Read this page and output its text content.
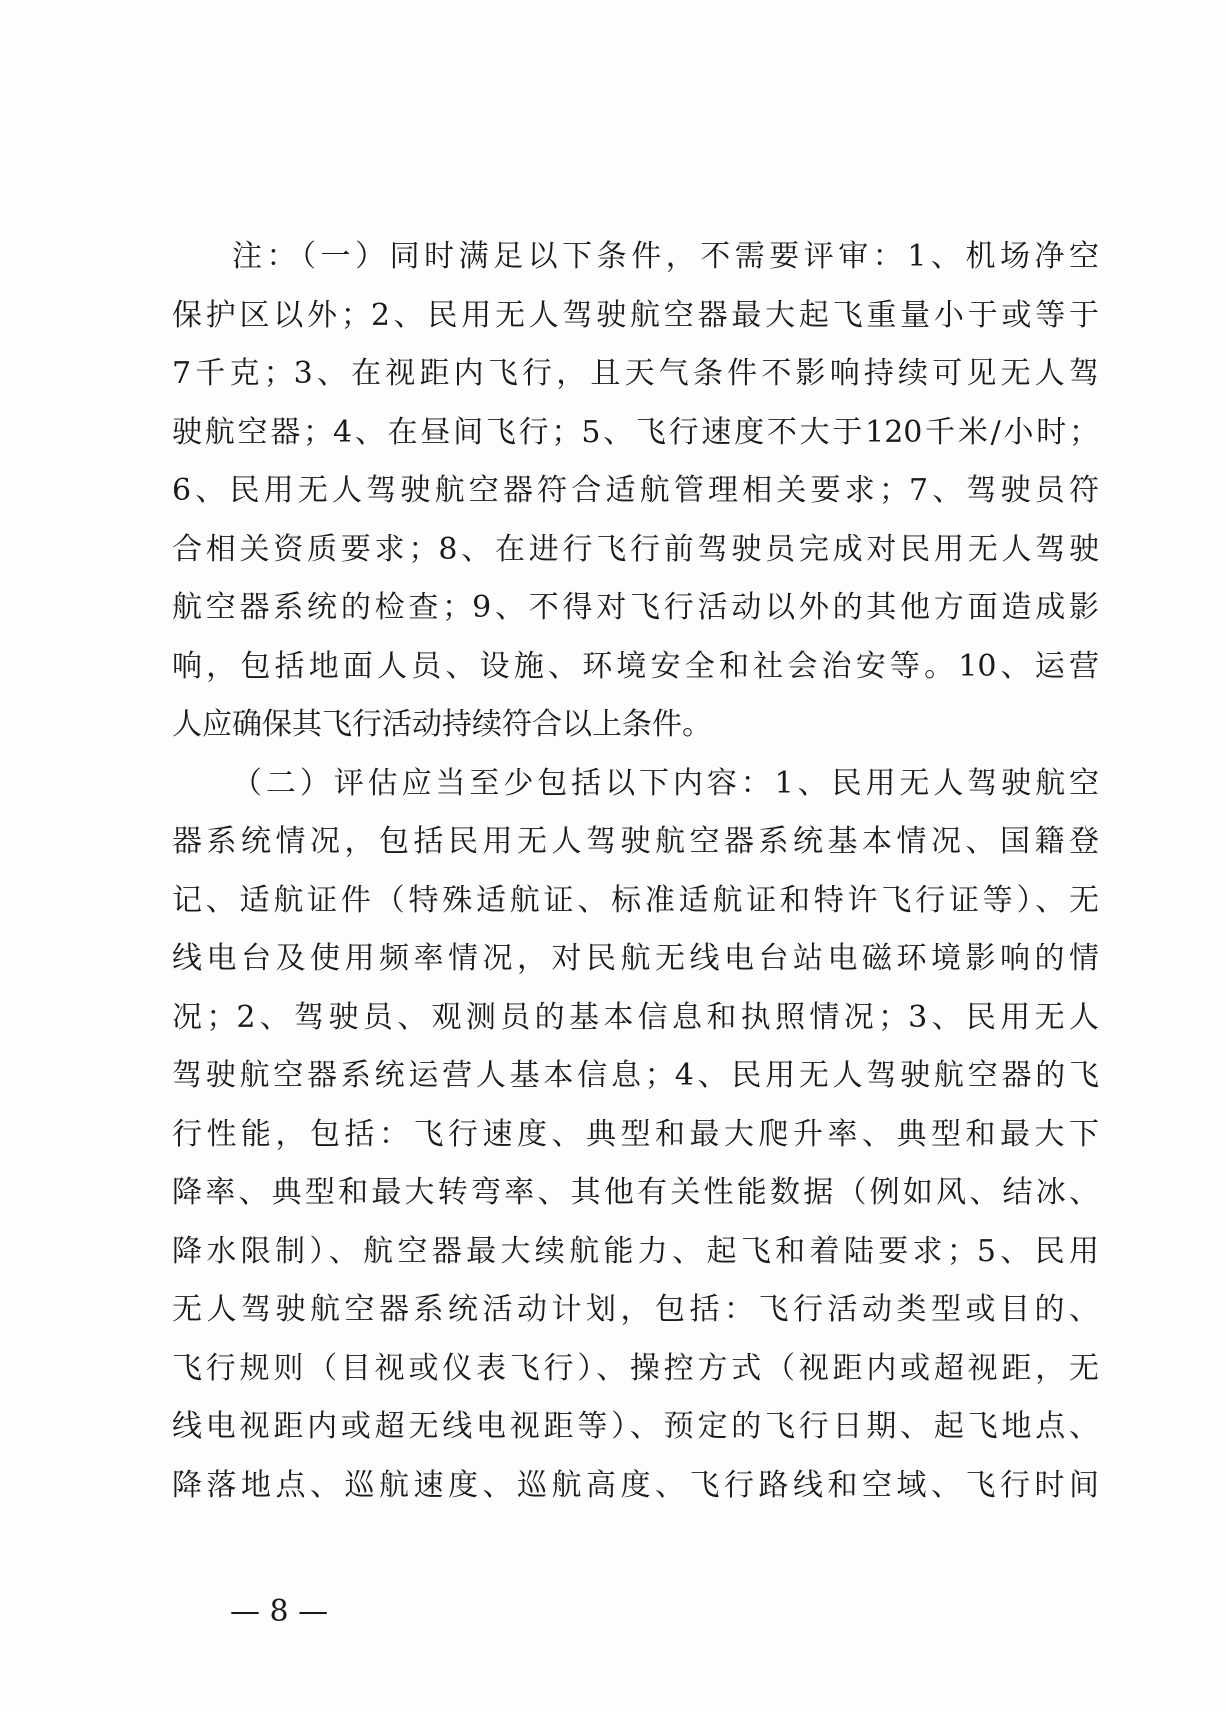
注：（一）同时满足以下条件，不需要评审：1、机场净空
保护区以外；2、民用无人驾驶航空器最大起飞重量小于或等于
7千克；3、在视距内飞行，且天气条件不影响持续可见无人驾
驶航空器；4、在昼间飞行；5、飞行速度不大于120千米/小时；
6、民用无人驾驶航空器符合适航管理相关要求；7、驾驶员符
合相关资质要求；8、在进行飞行前驾驶员完成对民用无人驾驶
航空器系统的检查；9、不得对飞行活动以外的其他方面造成影
响，包括地面人员、设施、环境安全和社会治安等。10、运营
人应确保其飞行活动持续符合以上条件。
（二）评估应当至少包括以下内容：1、民用无人驾驶航空
器系统情况，包括民用无人驾驶航空器系统基本情况、国籍登
记、适航证件（特殊适航证、标准适航证和特许飞行证等）、无
线电台及使用频率情况，对民航无线电台站电磁环境影响的情
况；2、驾驶员、观测员的基本信息和执照情况；3、民用无人
驾驶航空器系统运营人基本信息；4、民用无人驾驶航空器的飞
行性能，包括：飞行速度、典型和最大爬升率、典型和最大下
降率、典型和最大转弯率、其他有关性能数据（例如风、结冰、
降水限制）、航空器最大续航能力、起飞和着陆要求；5、民用
无人驾驶航空器系统活动计划，包括：飞行活动类型或目的、
飞行规则（目视或仪表飞行）、操控方式（视距内或超视距，无
线电视距内或超无线电视距等）、预定的飞行日期、起飞地点、
降落地点、巡航速度、巡航高度、飞行路线和空域、飞行时间
— 8 —
